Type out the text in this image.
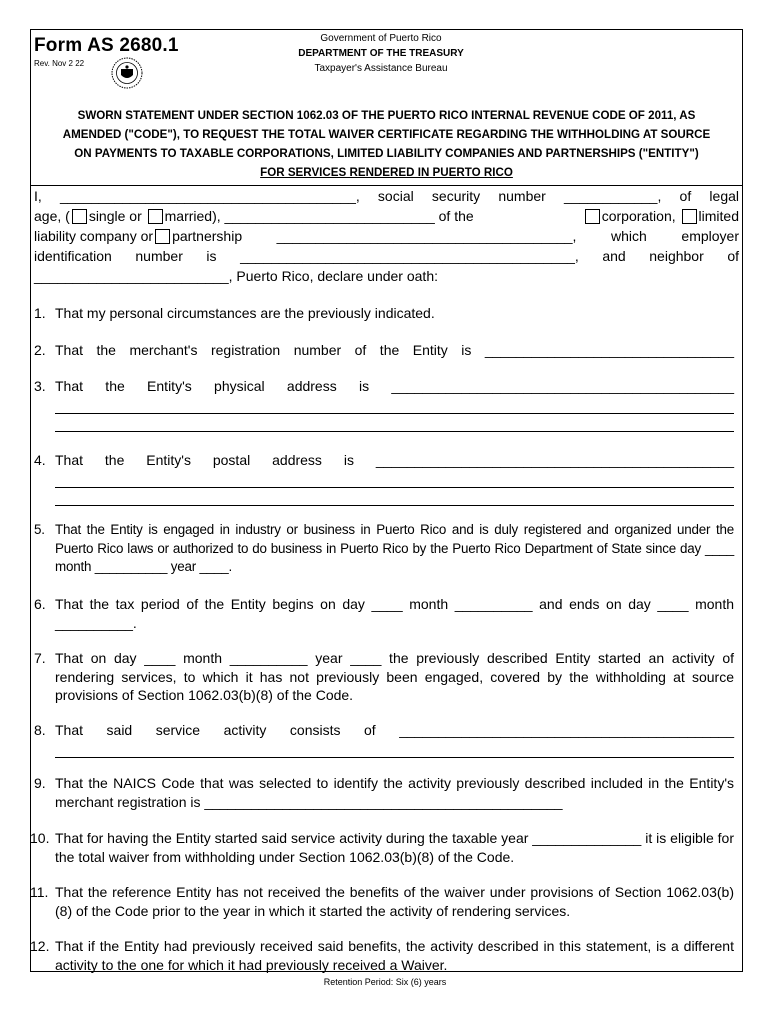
Form AS 2680.1
Rev. Nov 2 22
Government of Puerto Rico
DEPARTMENT OF THE TREASURY
Taxpayer's Assistance Bureau
SWORN STATEMENT UNDER SECTION 1062.03 OF THE PUERTO RICO INTERNAL REVENUE CODE OF 2011, AS
AMENDED ("CODE"), TO REQUEST THE TOTAL WAIVER CERTIFICATE REGARDING THE WITHHOLDING AT SOURCE
ON PAYMENTS TO TAXABLE CORPORATIONS, LIMITED LIABILITY COMPANIES AND PARTNERSHIPS ("ENTITY")
FOR SERVICES RENDERED IN PUERTO RICO
I, ______________________________________, social security number ____________, of legal
age, ( single or married), ___________________________ of the	corporation, limited
liability company or	partnership ______________________________________, which employer
identification number is ___________________________________________, and neighbor of
_________________________, Puerto Rico, declare under oath:
1. That my personal circumstances are the previously indicated.
2. That the merchant's registration number of the Entity is ________________________________
3. That the Entity's physical address is ____________________________________________
4. That the Entity's postal address is ______________________________________________
5. That the Entity is engaged in industry or business in Puerto Rico and is duly registered and organized under the Puerto Rico laws or authorized to do business in Puerto Rico by the Puerto Rico Department of State since day ____ month __________ year ____.
6. That the tax period of the Entity begins on day ____ month __________ and ends on day ____ month __________.
7. That on day ____ month __________ year ____ the previously described Entity started an activity of rendering services, to which it has not previously been engaged, covered by the withholding at source provisions of Section 1062.03(b)(8) of the Code.
8. That said service activity consists of ___________________________________________
9. That the NAICS Code that was selected to identify the activity previously described included in the Entity's merchant registration is ______________________________________________
10. That for having the Entity started said service activity during the taxable year ______________ it is eligible for the total waiver from withholding under Section 1062.03(b)(8) of the Code.
11. That the reference Entity has not received the benefits of the waiver under provisions of Section 1062.03(b)(8) of the Code prior to the year in which it started the activity of rendering services.
12. That if the Entity had previously received said benefits, the activity described in this statement, is a different activity to the one for which it had previously received a Waiver.
Retention Period: Six (6) years
